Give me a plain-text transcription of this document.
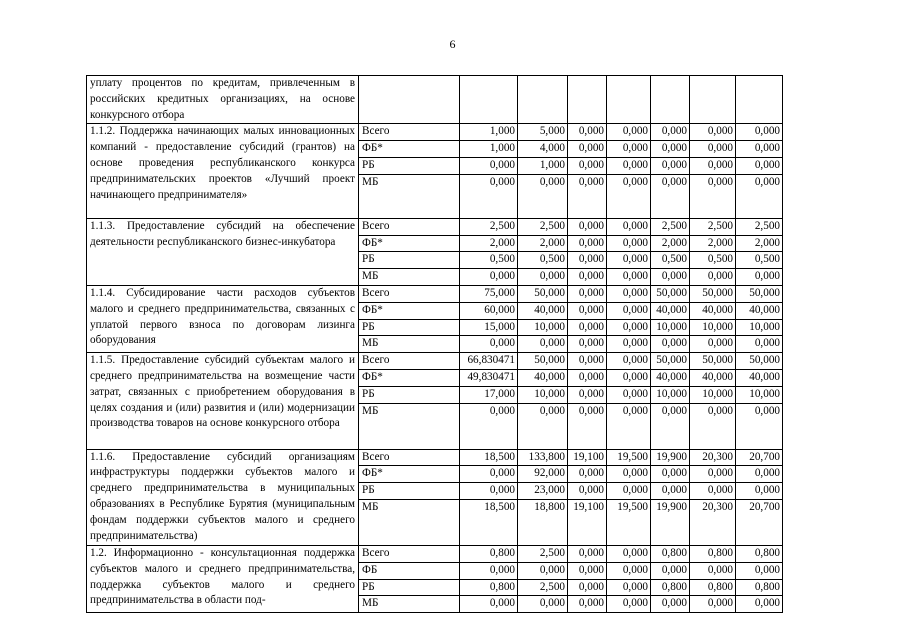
6
уплату процентов по кредитам, привлеченным в российских кредитных организациях, на основе конкурсного отбора								
1.1.2. Поддержка начинающих малых инновационных компаний - предоставление субсидий (грантов) на основе проведения республиканского конкурса предпринимательских проектов «Лучший проект начинающего предпринимателя»	Всего	1,000	5,000	0,000	0,000	0,000	0,000	0,000
	ФБ*	1,000	4,000	0,000	0,000	0,000	0,000	0,000
	РБ	0,000	1,000	0,000	0,000	0,000	0,000	0,000
	МБ	0,000	0,000	0,000	0,000	0,000	0,000	0,000
1.1.3. Предоставление субсидий на обеспечение деятельности республиканского бизнес-инкубатора	Всего	2,500	2,500	0,000	0,000	2,500	2,500	2,500
	ФБ*	2,000	2,000	0,000	0,000	2,000	2,000	2,000
	РБ	0,500	0,500	0,000	0,000	0,500	0,500	0,500
	МБ	0,000	0,000	0,000	0,000	0,000	0,000	0,000
1.1.4. Субсидирование части расходов субъектов малого и среднего предпринимательства, связанных с уплатой первого взноса по договорам лизинга оборудования	Всего	75,000	50,000	0,000	0,000	50,000	50,000	50,000
	ФБ*	60,000	40,000	0,000	0,000	40,000	40,000	40,000
	РБ	15,000	10,000	0,000	0,000	10,000	10,000	10,000
	МБ	0,000	0,000	0,000	0,000	0,000	0,000	0,000
1.1.5. Предоставление субсидий субъектам малого и среднего предпринимательства на возмещение части затрат, связанных с приобретением оборудования в целях создания и (или) развития и (или) модернизации производства товаров на основе конкурсного отбора	Всего	66,830471	50,000	0,000	0,000	50,000	50,000	50,000
	ФБ*	49,830471	40,000	0,000	0,000	40,000	40,000	40,000
	РБ	17,000	10,000	0,000	0,000	10,000	10,000	10,000
	МБ	0,000	0,000	0,000	0,000	0,000	0,000	0,000
1.1.6. Предоставление субсидий организациям инфраструктуры поддержки субъектов малого и среднего предпринимательства в муниципальных образованиях в Республике Бурятия (муниципальным фондам поддержки субъектов малого и среднего предпринимательства)	Всего	18,500	133,800	19,100	19,500	19,900	20,300	20,700
	ФБ*	0,000	92,000	0,000	0,000	0,000	0,000	0,000
	РБ	0,000	23,000	0,000	0,000	0,000	0,000	0,000
	МБ	18,500	18,800	19,100	19,500	19,900	20,300	20,700
1.2. Информационно - консультационная поддержка субъектов малого и среднего предпринимательства, поддержка субъектов малого и среднего предпринимательства в области под-	Всего	0,800	2,500	0,000	0,000	0,800	0,800	0,800
	ФБ	0,000	0,000	0,000	0,000	0,000	0,000	0,000
	РБ	0,800	2,500	0,000	0,000	0,800	0,800	0,800
	МБ	0,000	0,000	0,000	0,000	0,000	0,000	0,000
